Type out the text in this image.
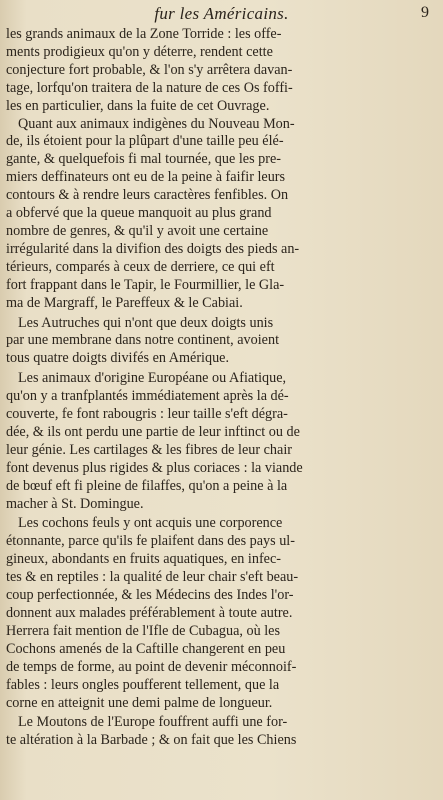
fur les Américains.	9
les grands animaux de la Zone Torride : les offe-
ments prodigieux qu'on y déterre, rendent cette
conjecture fort probable, & l'on s'y arrêtera davan-
tage, lorfqu'on traitera de la nature de ces Os foffi-
les en particulier, dans la fuite de cet Ouvrage.
Quant aux animaux indigènes du Nouveau Mon-
de, ils étoient pour la plûpart d'une taille peu élé-
gante, & quelquefois fi mal tournée, que les pre-
miers deffinateurs ont eu de la peine à faifir leurs
contours & à rendre leurs caractères fenfibles. On
a obfervé que la queue manquoit au plus grand
nombre de genres, & qu'il y avoit une certaine
irrégularité dans la divifion des doigts des pieds an-
térieurs, comparés à ceux de derriere, ce qui eft
fort frappant dans le Tapir, le Fourmillier, le Gla-
ma de Margraff, le Pareffeux & le Cabiai.
Les Autruches qui n'ont que deux doigts unis
par une membrane dans notre continent, avoient
tous quatre doigts divifés en Amérique.
Les animaux d'origine Européane ou Afiatique,
qu'on y a tranfplantés immédiatement après la dé-
couverte, fe font rabougris : leur taille s'eft dégra-
dée, & ils ont perdu une partie de leur inftinct ou de
leur génie. Les cartilages & les fibres de leur chair
font devenus plus rigides & plus coriaces : la viande
de bœuf eft fi pleine de filaffes, qu'on a peine à la
macher à St. Domingue.
Les cochons feuls y ont acquis une corporence
étonnante, parce qu'ils fe plaifent dans des pays ul-
gineux, abondants en fruits aquatiques, en infec-
tes & en reptiles : la qualité de leur chair s'eft beau-
coup perfectionnée, & les Médecins des Indes l'or-
donnent aux malades préférablement à toute autre.
Herrera fait mention de l'Ifle de Cubagua, où les
Cochons amenés de la Caftille changerent en peu
de temps de forme, au point de devenir méconnoif-
fables : leurs ongles poufferent tellement, que la
corne en atteignit une demi palme de longueur.
Le Moutons de l'Europe fouffrent auffi une for-
te altération à la Barbade ; & on fait que les Chiens
